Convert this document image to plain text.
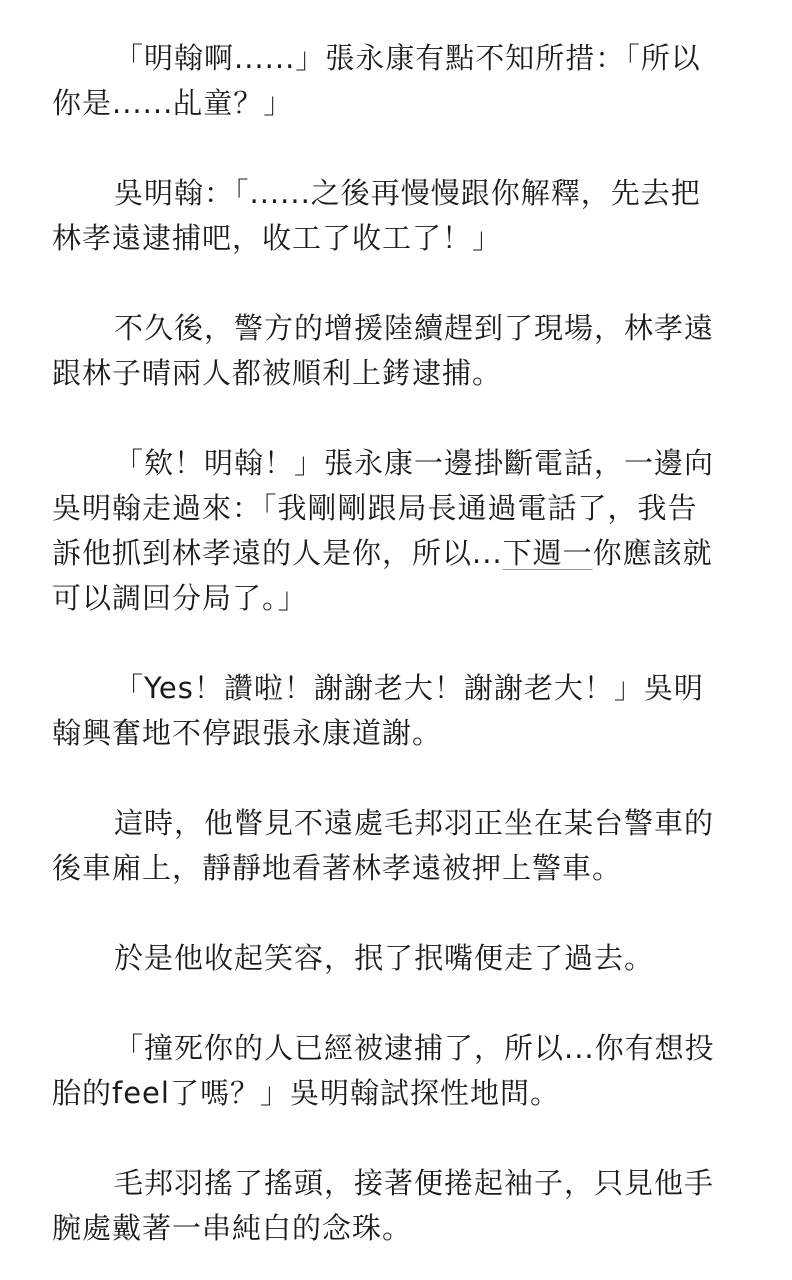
「明翰啊......」張永康有點不知所措：「所以你是......乩童？」

吳明翰：「......之後再慢慢跟你解釋，先去把林孝遠逮捕吧，收工了收工了！」

不久後，警方的增援陸續趕到了現場，林孝遠跟林子晴兩人都被順利上銬逮捕。

「欸！明翰！」張永康一邊掛斷電話，一邊向吳明翰走過來：「我剛剛跟局長通過電話了，我告訴他抓到林孝遠的人是你，所以...下週一你應該就可以調回分局了。」

「Yes！讚啦！謝謝老大！謝謝老大！」吳明翰興奮地不停跟張永康道謝。

這時，他瞥見不遠處毛邦羽正坐在某台警車的後車廂上，靜靜地看著林孝遠被押上警車。

於是他收起笑容，抿了抿嘴便走了過去。

「撞死你的人已經被逮捕了，所以...你有想投胎的feel了嗎？」吳明翰試探性地問。

毛邦羽搖了搖頭，接著便捲起袖子，只見他手腕處戴著一串純白的念珠。
